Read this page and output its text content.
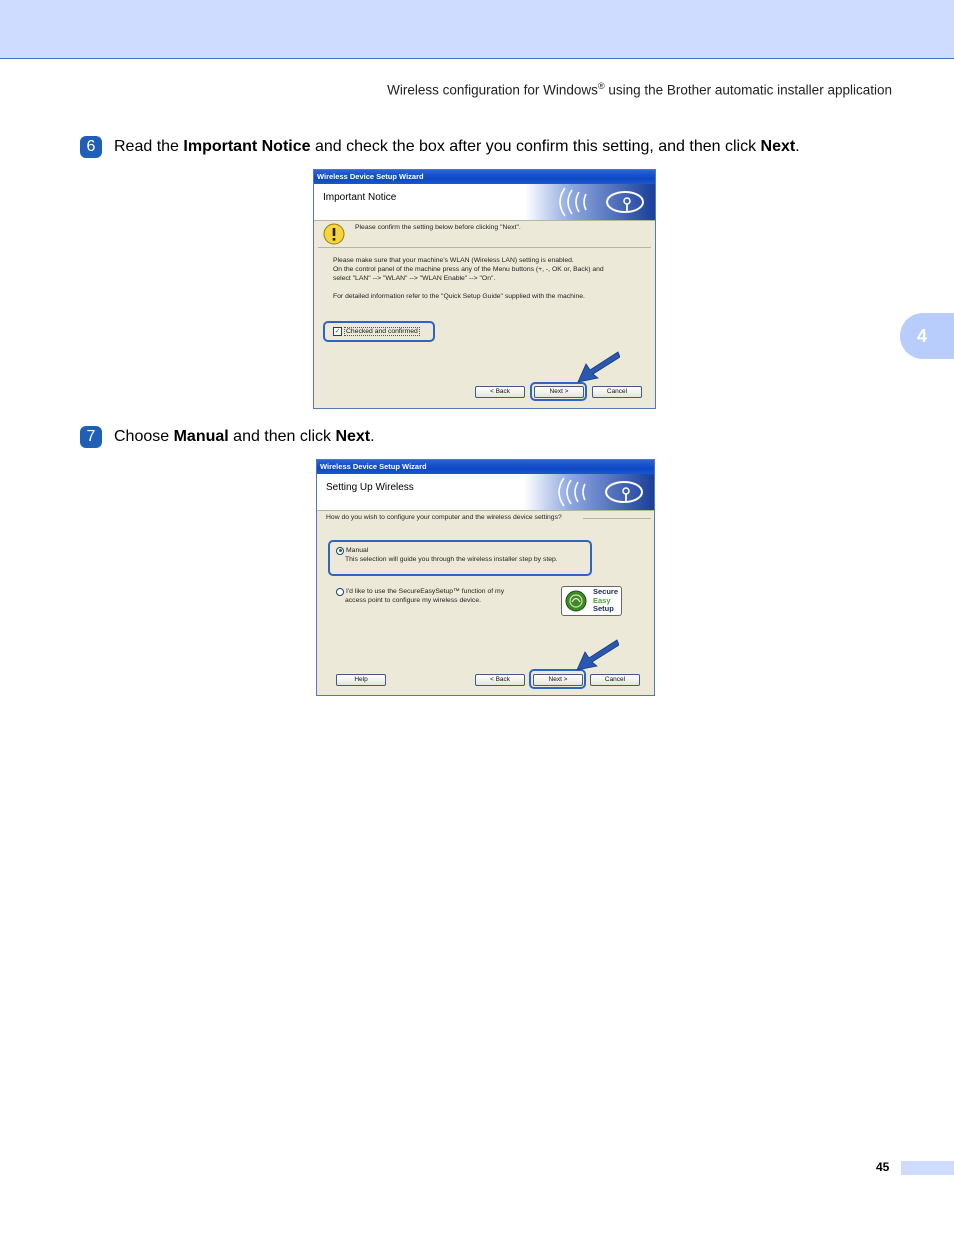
Wireless configuration for Windows® using the Brother automatic installer application
4
6	Read the Important Notice and check the box after you confirm this setting, and then click Next.
Wireless Device Setup Wizard
Important Notice
Please confirm the setting below before clicking "Next".
Please make sure that your machine's WLAN (Wireless LAN) setting is enabled.
On the control panel of the machine press any of the Menu buttons (+, -, OK or, Back) and
select "LAN" --> "WLAN" --> "WLAN Enable" --> "On".
For detailed information refer to the "Quick Setup Guide" supplied with the machine.
✓ Checked and confirmed
< Back	Next >	Cancel
7	Choose Manual and then click Next.
Wireless Device Setup Wizard
Setting Up Wireless
How do you wish to configure your computer and the wireless device settings?
Manual
This selection will guide you through the wireless installer step by step.
I'd like to use the SecureEasySetup™ function of my
access point to configure my wireless device.
Secure
Easy
Setup
Help	< Back	Next >	Cancel
45
